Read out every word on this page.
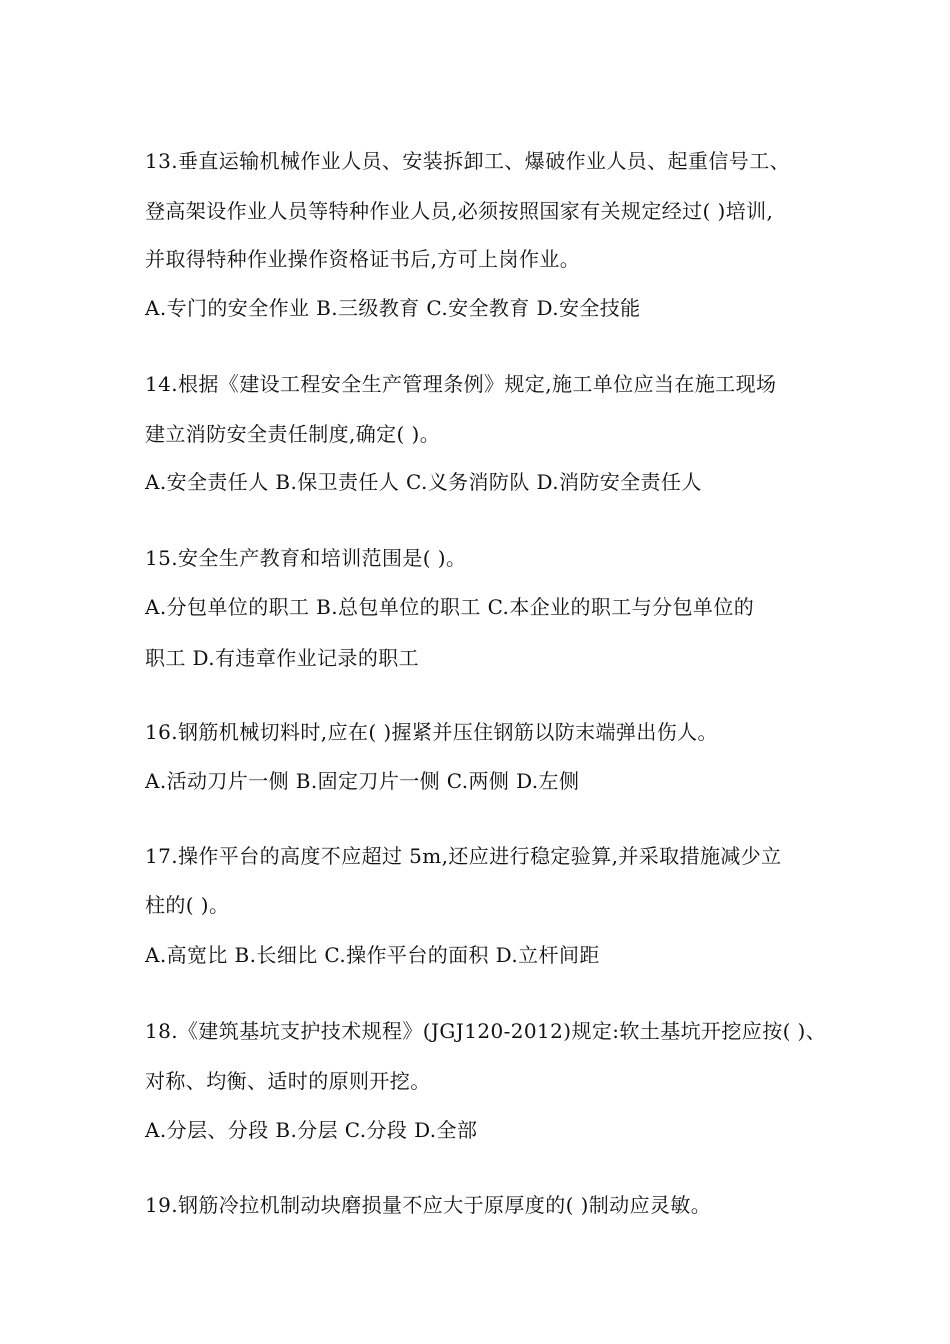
13.垂直运输机械作业人员、安装拆卸工、爆破作业人员、起重信号工、
登高架设作业人员等特种作业人员,必须按照国家有关规定经过( )培训,
并取得特种作业操作资格证书后,方可上岗作业。
A.专门的安全作业 B.三级教育 C.安全教育 D.安全技能
14.根据《建设工程安全生产管理条例》规定,施工单位应当在施工现场
建立消防安全责任制度,确定( )。
A.安全责任人 B.保卫责任人 C.义务消防队 D.消防安全责任人
15.安全生产教育和培训范围是( )。
A.分包单位的职工 B.总包单位的职工 C.本企业的职工与分包单位的
职工 D.有违章作业记录的职工
16.钢筋机械切料时,应在( )握紧并压住钢筋以防末端弹出伤人。
A.活动刀片一侧 B.固定刀片一侧 C.两侧 D.左侧
17.操作平台的高度不应超过 5m,还应进行稳定验算,并采取措施减少立
柱的( )。
A.高宽比 B.长细比 C.操作平台的面积 D.立杆间距
18.《建筑基坑支护技术规程》(JGJ120-2012)规定:软土基坑开挖应按( )、
对称、均衡、适时的原则开挖。
A.分层、分段 B.分层 C.分段 D.全部
19.钢筋冷拉机制动块磨损量不应大于原厚度的( )制动应灵敏。
